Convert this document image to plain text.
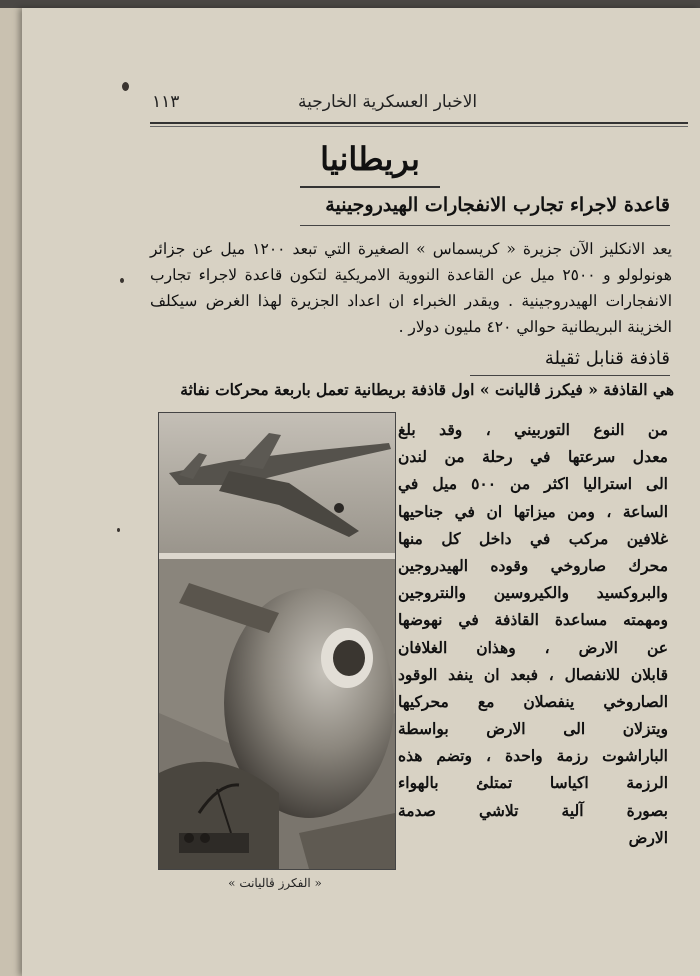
١١٣	الاخبار العسكرية الخارجية
بريطانيا
قاعدة لاجراء تجارب الانفجارات الهيدروجينية
يعد الانكليز الآن جزيرة « كريسماس » الصغيرة التي تبعد ١٢٠٠ ميل عن جزائر هونولولو و ٢٥٠٠ ميل عن القاعدة النووية الامريكية لتكون قاعدة لاجراء تجارب الانفجارات الهيدروجينية . ويقدر الخبراء ان اعداد الجزيرة لهذا الغرض سيكلف الخزينة البريطانية حوالي ٤٢٠ مليون دولار .
قاذفة قنابل ثقيلة
هي القاذفة « فيكرز ڤاليانت » اول قاذفة بريطانية تعمل باربعة محركات نفاثة
« الفكرز ڤاليانت »
من النوع التوربيني ، وقد بلغ
معدل سرعتها في رحلة من لندن
الى استراليا اكثر من ٥٠٠ ميل في
الساعة ، ومن ميزاتها ان في جناحيها
غلافين مركب في داخل كل منها
محرك صاروخي وقوده الهيدروجين
والبروكسيد والكيروسين والنتروجين
ومهمته مساعدة القاذفة في نهوضها
عن الارض ، وهذان الغلافان
قابلان للانفصال ، فبعد ان ينفد الوقود
الصاروخي ينفصلان مع محركيها
ويتزلان الى الارض بواسطة
الباراشوت رزمة واحدة ، وتضم هذه
الرزمة اكياسا تمتلئ بالهواء
بصورة آلية تلاشي صدمة
الارض
